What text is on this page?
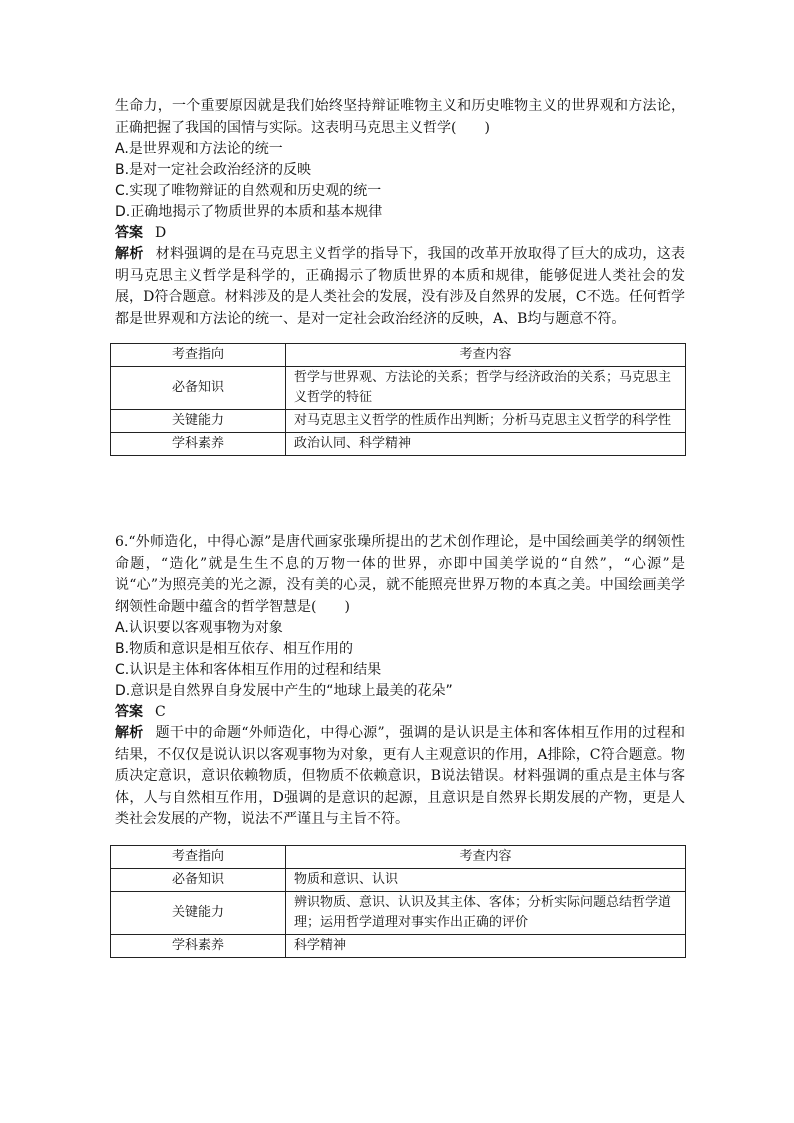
生命力，一个重要原因就是我们始终坚持辩证唯物主义和历史唯物主义的世界观和方法论，正确把握了我国的国情与实际。这表明马克思主义哲学(　　)

A.是世界观和方法论的统一

B.是对一定社会政治经济的反映

C.实现了唯物辩证的自然观和历史观的统一

D.正确地揭示了物质世界的本质和基本规律

答案 D

解析 材料强调的是在马克思主义哲学的指导下，我国的改革开放取得了巨大的成功，这表明马克思主义哲学是科学的，正确揭示了物质世界的本质和规律，能够促进人类社会的发展，D符合题意。材料涉及的是人类社会的发展，没有涉及自然界的发展，C不选。任何哲学都是世界观和方法论的统一、是对一定社会政治经济的反映，A、B均与题意不符。

考查指向	考查内容
必备知识	哲学与世界观、方法论的关系；哲学与经济政治的关系；马克思主义哲学的特征
关键能力	对马克思主义哲学的性质作出判断；分析马克思主义哲学的科学性
学科素养	政治认同、科学精神

6.“外师造化，中得心源”是唐代画家张璪所提出的艺术创作理论，是中国绘画美学的纲领性命题，“造化”就是生生不息的万物一体的世界，亦即中国美学说的“自然”，“心源”是说“心”为照亮美的光之源，没有美的心灵，就不能照亮世界万物的本真之美。中国绘画美学纲领性命题中蕴含的哲学智慧是(　　)

A.认识要以客观事物为对象

B.物质和意识是相互依存、相互作用的

C.认识是主体和客体相互作用的过程和结果

D.意识是自然界自身发展中产生的“地球上最美的花朵”

答案 C

解析 题干中的命题“外师造化，中得心源”，强调的是认识是主体和客体相互作用的过程和结果，不仅仅是说认识以客观事物为对象，更有人主观意识的作用，A排除，C符合题意。物质决定意识，意识依赖物质，但物质不依赖意识，B说法错误。材料强调的重点是主体与客体，人与自然相互作用，D强调的是意识的起源，且意识是自然界长期发展的产物，更是人类社会发展的产物，说法不严谨且与主旨不符。

考查指向	考查内容
必备知识	物质和意识、认识
关键能力	辨识物质、意识、认识及其主体、客体；分析实际问题总结哲学道理；运用哲学道理对事实作出正确的评价
学科素养	科学精神
